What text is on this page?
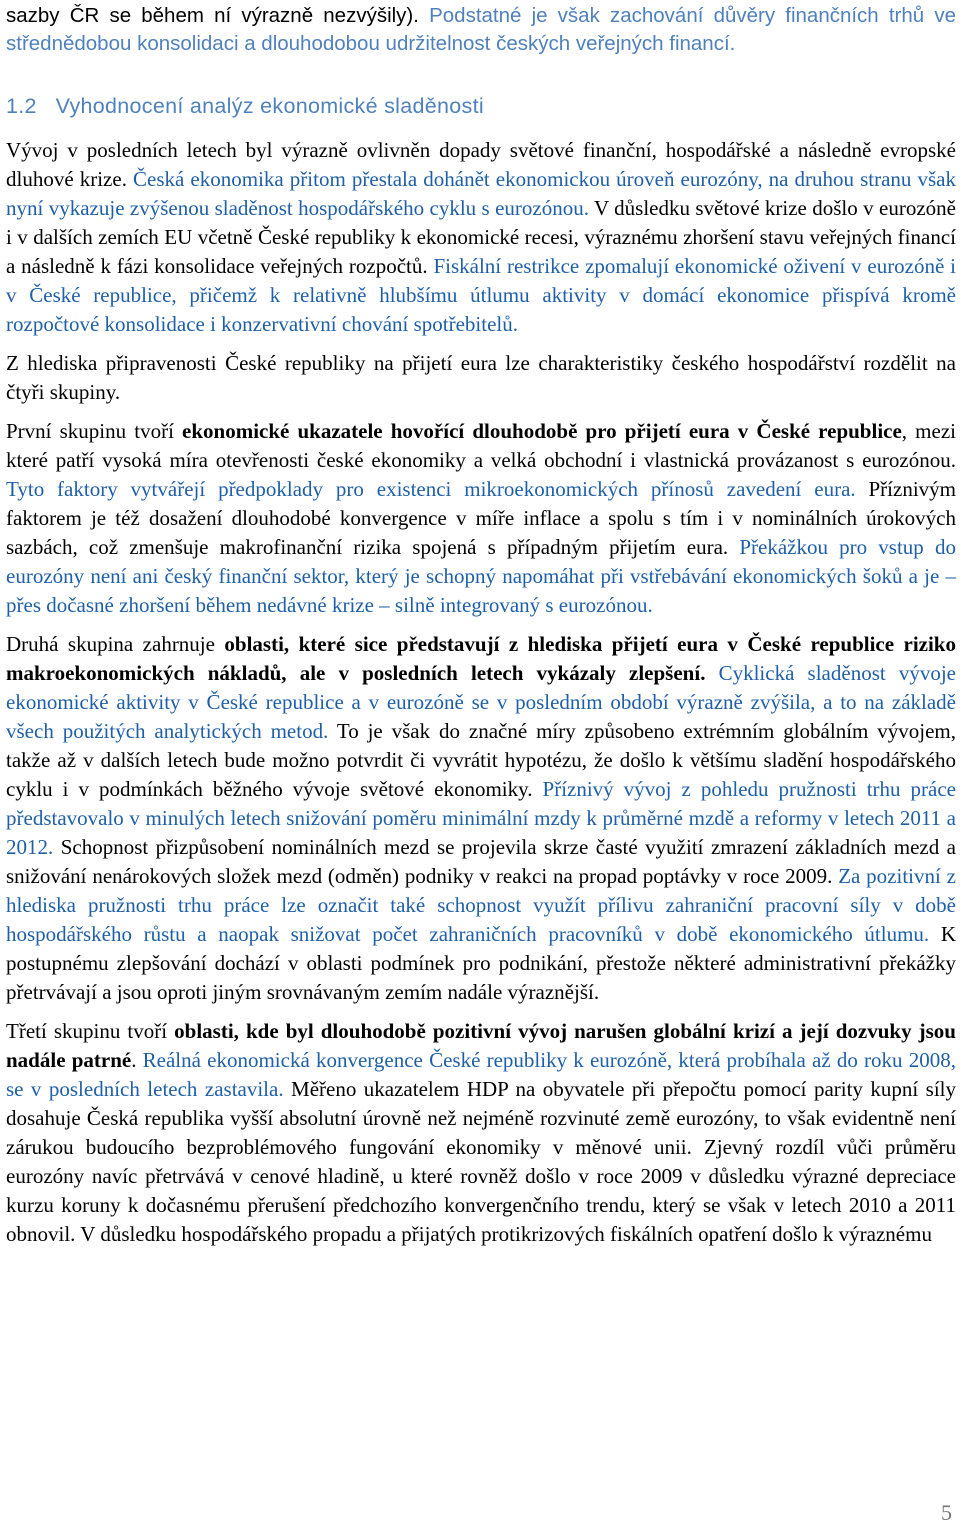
sazby ČR se během ní výrazně nezvýšily). Podstatné je však zachování důvěry finančních trhů ve střednědobou konsolidaci a dlouhodobou udržitelnost českých veřejných financí.
1.2 Vyhodnocení analýz ekonomické sladěnosti

Vývoj v posledních letech byl výrazně ovlivněn dopady světové finanční, hospodářské a následně evropské dluhové krize. Česká ekonomika přitom přestala dohánět ekonomickou úroveň eurozóny, na druhou stranu však nyní vykazuje zvýšenou sladěnost hospodářského cyklu s eurozónou. V důsledku světové krize došlo v eurozóně i v dalších zemích EU včetně České republiky k ekonomické recesi, výraznému zhoršení stavu veřejných financí a následně k fázi konsolidace veřejných rozpočtů. Fiskální restrikce zpomalují ekonomické oživení v eurozóně i v České republice, přičemž k relativně hlubšímu útlumu aktivity v domácí ekonomice přispívá kromě rozpočtové konsolidace i konzervativní chování spotřebitelů.

Z hlediska připravenosti České republiky na přijetí eura lze charakteristiky českého hospodářství rozdělit na čtyři skupiny.

První skupinu tvoří ekonomické ukazatele hovořící dlouhodobě pro přijetí eura v České republice, mezi které patří vysoká míra otevřenosti české ekonomiky a velká obchodní i vlastnická provázanost s eurozónou. Tyto faktory vytvářejí předpoklady pro existenci mikroekonomických přínosů zavedení eura. Příznivým faktorem je též dosažení dlouhodobé konvergence v míře inflace a spolu s tím i v nominálních úrokových sazbách, což zmenšuje makrofinanční rizika spojená s případným přijetím eura. Překážkou pro vstup do eurozóny není ani český finanční sektor, který je schopný napomáhat při vstřebávání ekonomických šoků a je – přes dočasné zhoršení během nedávné krize – silně integrovaný s eurozónou.

Druhá skupina zahrnuje oblasti, které sice představují z hlediska přijetí eura v České republice riziko makroekonomických nákladů, ale v posledních letech vykázaly zlepšení. Cyklická sladěnost vývoje ekonomické aktivity v České republice a v eurozóně se v posledním období výrazně zvýšila, a to na základě všech použitých analytických metod. To je však do značné míry způsobeno extrémním globálním vývojem, takže až v dalších letech bude možno potvrdit či vyvrátit hypotézu, že došlo k většímu sladění hospodářského cyklu i v podmínkách běžného vývoje světové ekonomiky. Příznivý vývoj z pohledu pružnosti trhu práce představovalo v minulých letech snižování poměru minimální mzdy k průměrné mzdě a reformy v letech 2011 a 2012. Schopnost přizpůsobení nominálních mezd se projevila skrze časté využití zmrazení základních mezd a snižování nenárokových složek mezd (odměn) podniky v reakci na propad poptávky v roce 2009. Za pozitivní z hlediska pružnosti trhu práce lze označit také schopnost využít přílivu zahraniční pracovní síly v době hospodářského růstu a naopak snižovat počet zahraničních pracovníků v době ekonomického útlumu. K postupnému zlepšování dochází v oblasti podmínek pro podnikání, přestože některé administrativní překážky přetrvávají a jsou oproti jiným srovnávaným zemím nadále výraznější.

Třetí skupinu tvoří oblasti, kde byl dlouhodobě pozitivní vývoj narušen globální krizí a její dozvuky jsou nadále patrné. Reálná ekonomická konvergence České republiky k eurozóně, která probíhala až do roku 2008, se v posledních letech zastavila. Měřeno ukazatelem HDP na obyvatele při přepočtu pomocí parity kupní síly dosahuje Česká republika vyšší absolutní úrovně než nejméně rozvinuté země eurozóny, to však evidentně není zárukou budoucího bezproblémového fungování ekonomiky v měnové unii. Zjevný rozdíl vůči průměru eurozóny navíc přetrvává v cenové hladině, u které rovněž došlo v roce 2009 v důsledku výrazné depreciace kurzu koruny k dočasnému přerušení předchozího konvergenčního trendu, který se však v letech 2010 a 2011 obnovil. V důsledku hospodářského propadu a přijatých protikrizových fiskálních opatření došlo k výraznému

5
